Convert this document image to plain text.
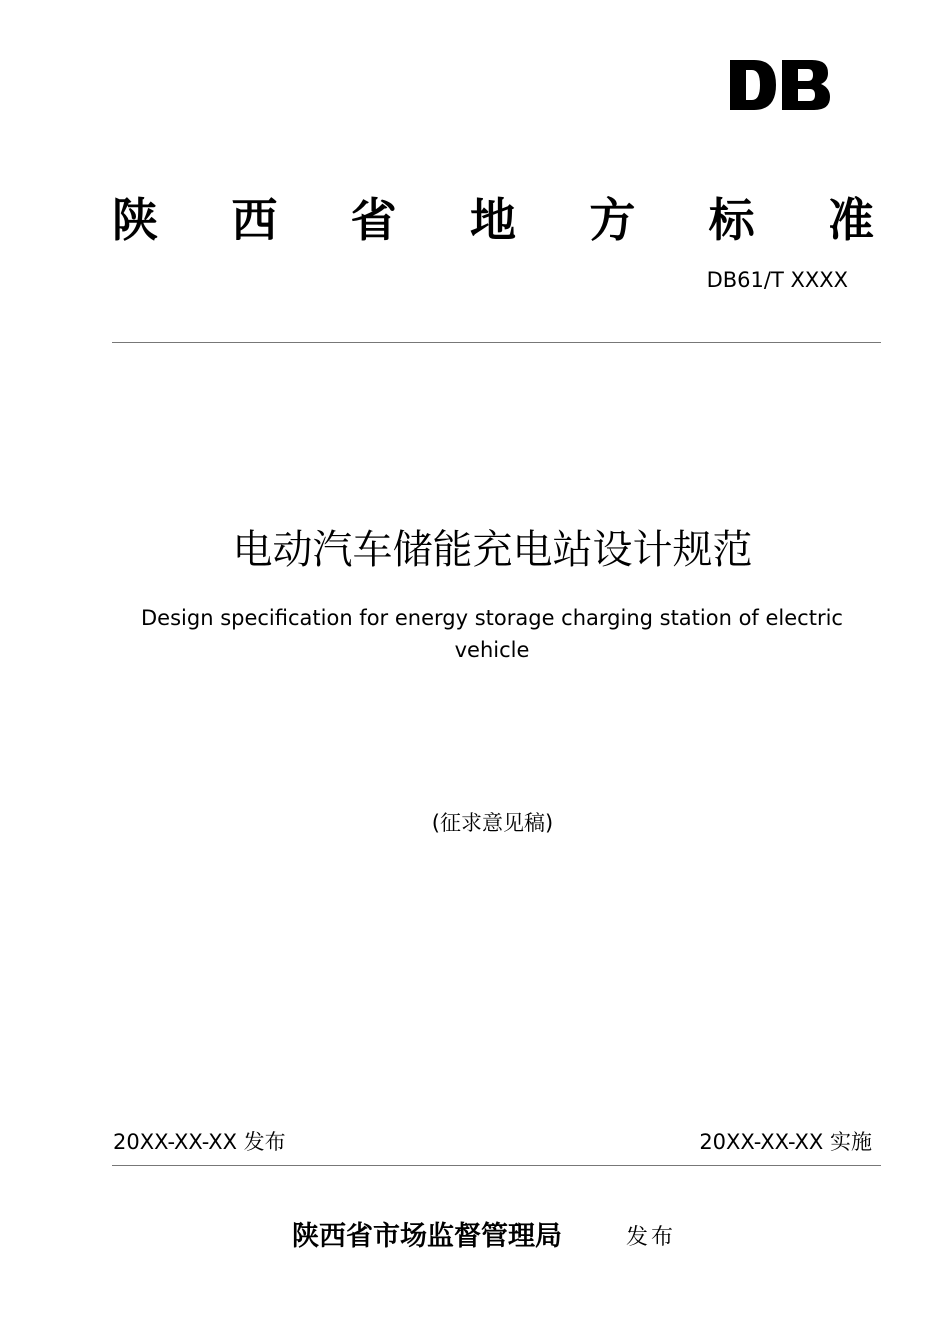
陕 西 省 地 方 标 准
DB61/T XXXX
电动汽车储能充电站设计规范
Design specification for energy storage charging station of electric vehicle
(征求意见稿)
20XX-XX-XX 发布	20XX-XX-XX 实施
陕西省市场监督管理局	发布
